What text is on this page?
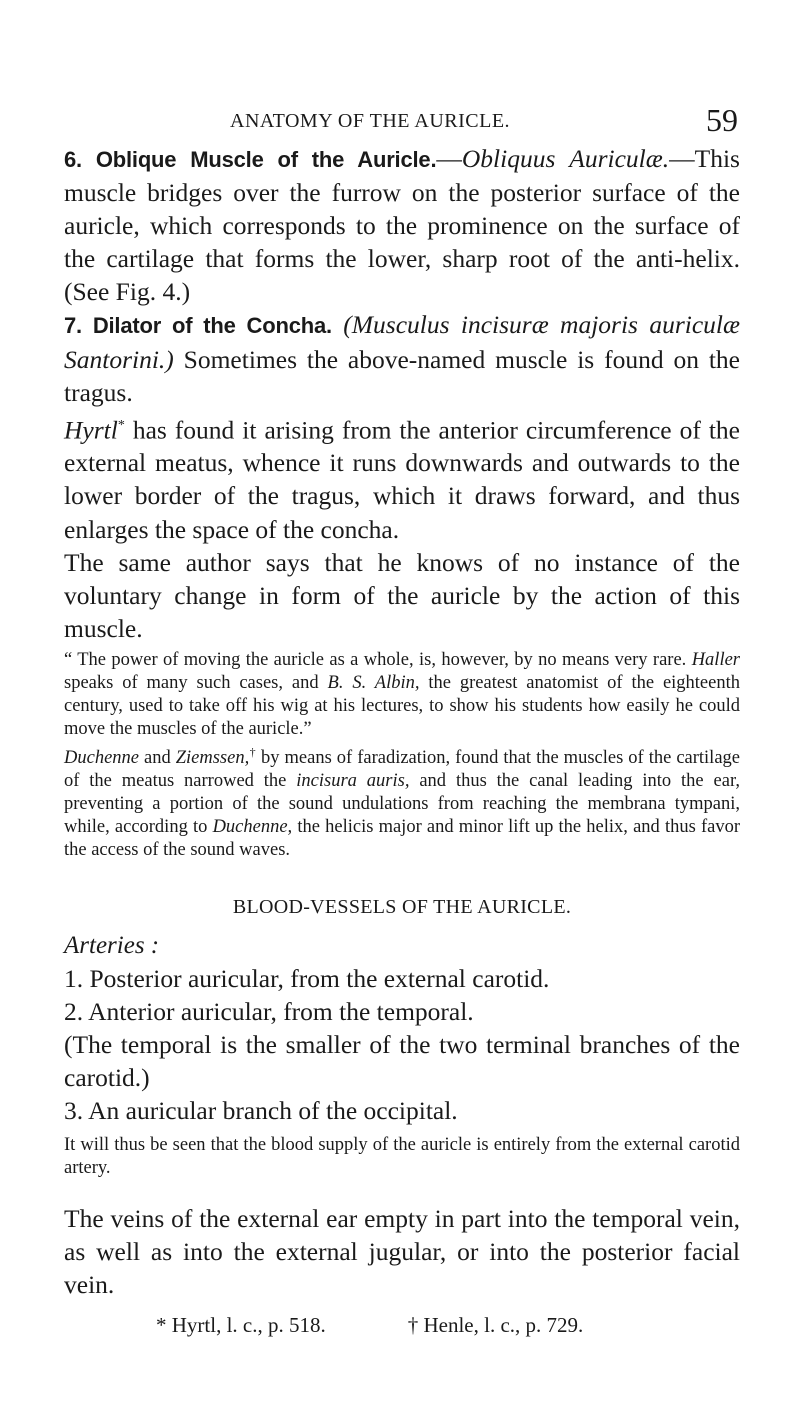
ANATOMY OF THE AURICLE.	59

6. Oblique Muscle of the Auricle.—Obliquus Auriculæ.—This muscle bridges over the furrow on the posterior surface of the auricle, which corresponds to the prominence on the surface of the cartilage that forms the lower, sharp root of the anti-helix. (See Fig. 4.)

7. Dilator of the Concha. (Musculus incisuræ majoris auriculæ Santorini.) Sometimes the above-named muscle is found on the tragus.

Hyrtl* has found it arising from the anterior circumference of the external meatus, whence it runs downwards and outwards to the lower border of the tragus, which it draws forward, and thus enlarges the space of the concha.

The same author says that he knows of no instance of the voluntary change in form of the auricle by the action of this muscle.

“ The power of moving the auricle as a whole, is, however, by no means very rare. Haller speaks of many such cases, and B. S. Albin, the greatest anatomist of the eighteenth century, used to take off his wig at his lectures, to show his students how easily he could move the muscles of the auricle.”

Duchenne and Ziemssen,† by means of faradization, found that the muscles of the cartilage of the meatus narrowed the incisura auris, and thus the canal leading into the ear, preventing a portion of the sound undulations from reaching the membrana tympani, while, according to Duchenne, the helicis major and minor lift up the helix, and thus favor the access of the sound waves.

BLOOD-VESSELS OF THE AURICLE.

Arteries :

1. Posterior auricular, from the external carotid.

2. Anterior auricular, from the temporal.

(The temporal is the smaller of the two terminal branches of the carotid.)

3. An auricular branch of the occipital.

It will thus be seen that the blood supply of the auricle is entirely from the external carotid artery.

The veins of the external ear empty in part into the temporal vein, as well as into the external jugular, or into the posterior facial vein.

* Hyrtl, l. c., p. 518.	† Henle, l. c., p. 729.
